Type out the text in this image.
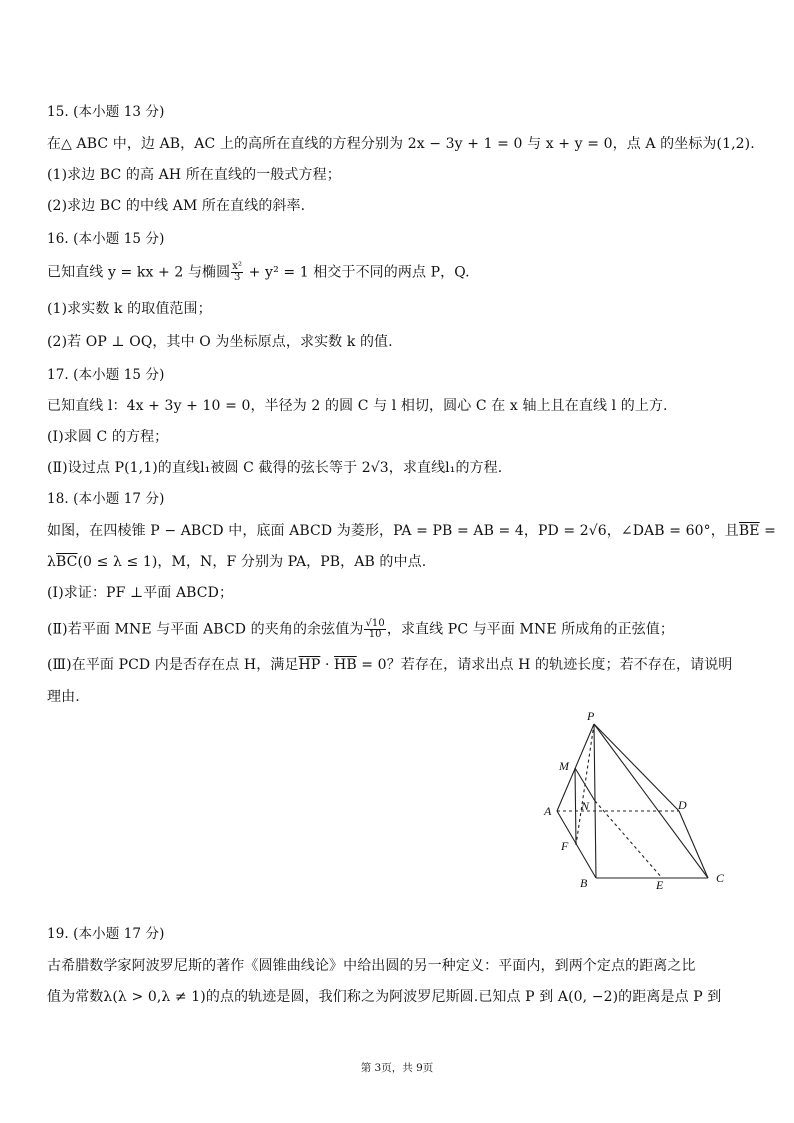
15. (本小题 13 分)
在△ ABC 中，边 AB，AC 上的高所在直线的方程分别为 2x − 3y + 1 = 0 与 x + y = 0，点 A 的坐标为(1,2).
(1)求边 BC 的高 AH 所在直线的一般式方程；
(2)求边 BC 的中线 AM 所在直线的斜率.
16. (本小题 15 分)
已知直线 y = kx + 2 与椭圆 $\frac{\text{x²}}{3} + y^2 = 1$ 相交于不同的两点 P，Q.
(1)求实数 k 的取值范围；
(2)若 OP ⊥ OQ，其中 O 为坐标原点，求实数 k 的值.
17. (本小题 15 分)
已知直线 l：4x + 3y + 10 = 0，半径为 2 的圆 C 与 l 相切，圆心 C 在 x 轴上且在直线 l 的上方.
(Ⅰ)求圆 C 的方程；
(Ⅱ)设过点 P(1,1)的直线l₁被圆 C 截得的弦长等于 2√3，求直线l₁的方程.
18. (本小题 17 分)
如图，在四棱锥 P − ABCD 中，底面 ABCD 为菱形，PA = PB = AB = 4，PD = 2√6，∠DAB = 60°，且$\overline{BE}$ =
$\lambda\overline{BC}(0 \le \lambda \le 1)$，M，N，F 分别为 PA，PB，AB 的中点.
(Ⅰ)求证：PF ⊥平面 ABCD；
(Ⅱ)若平面 MNE 与平面 ABCD 的夹角的余弦值为 $\frac{√10}{10}$ ，求直线 PC 与平面 MNE 所成角的正弦值；
(Ⅲ)在平面 PCD 内是否存在点 H，满足$\overline{HP} \cdot \overline{HB} = 0$？若存在，请求出点 H 的轨迹长度；若不存在，请说明
理由.
P
M
A N	D
F
B	E	C
19. (本小题 17 分)
古希腊数学家阿波罗尼斯的著作《圆锥曲线论》中给出圆的另一种定义：平面内，到两个定点的距离之比
值为常数λ(λ > 0,λ ≠ 1)的点的轨迹是圆，我们称之为阿波罗尼斯圆.已知点 P 到 A(0, −2)的距离是点 P 到
第 3页，共 9页
